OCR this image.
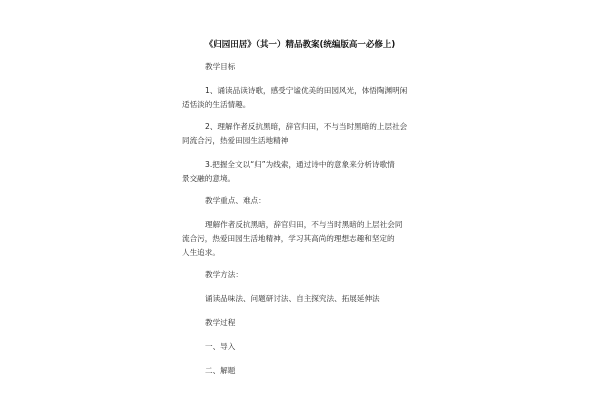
《归园田居》（其一）精品教案(统编版高一必修上)
教学目标
1、诵读品读诗歌，感受宁谧优美的田园风光，体悟陶渊明闲
适恬淡的生活情趣。
2、理解作者反抗黑暗，辞官归田，不与当时黑暗的上层社会
同流合污，热爱田园生活地精神
3.把握全文以“归”为线索，通过诗中的意象来分析诗歌情
景交融的意境。
教学重点、难点：
理解作者反抗黑暗，辞官归田，不与当时黑暗的上层社会同
流合污，热爱田园生活地精神，学习其高尚的理想志趣和坚定的
人生追求。
教学方法：
诵读品味法、问题研讨法、自主探究法、拓展延伸法
教学过程
一、导入
二、解题
